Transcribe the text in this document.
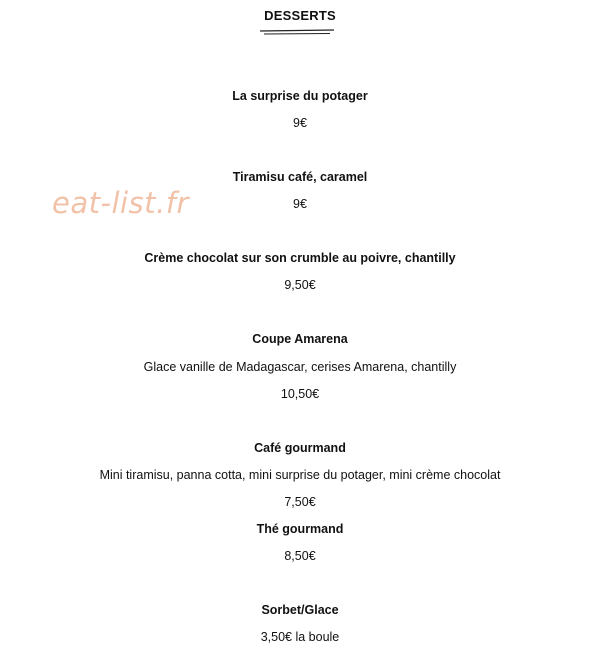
DESSERTS
eat-list.fr
La surprise du potager
9€
Tiramisu café, caramel
9€
Crème chocolat sur son crumble au poivre, chantilly
9,50€
Coupe Amarena
Glace vanille de Madagascar, cerises Amarena, chantilly
10,50€
Café gourmand
Mini tiramisu, panna cotta, mini surprise du potager, mini crème chocolat
7,50€
Thé gourmand
8,50€
Sorbet/Glace
3,50€ la boule
